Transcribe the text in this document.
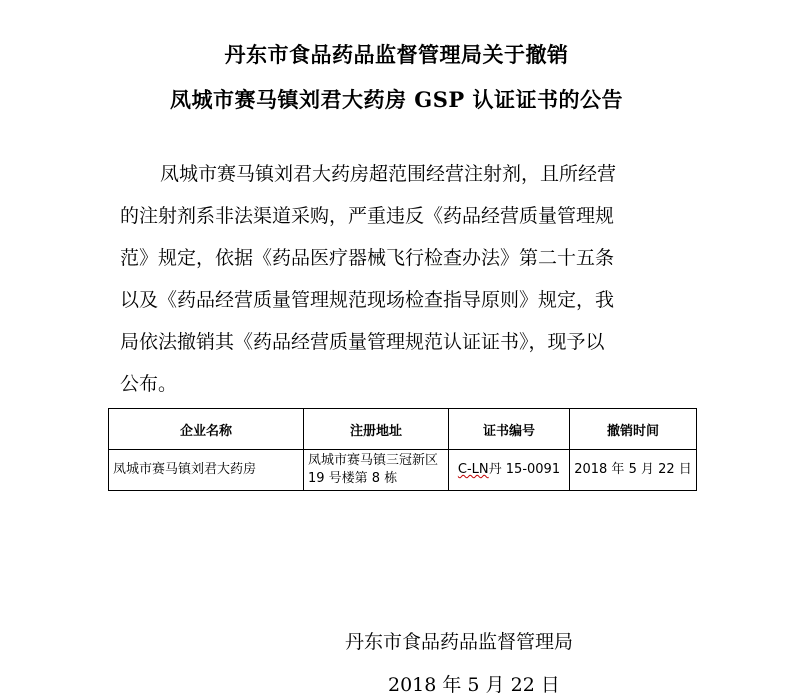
丹东市食品药品监督管理局关于撤销
凤城市赛马镇刘君大药房 GSP 认证证书的公告
凤城市赛马镇刘君大药房超范围经营注射剂，且所经营
的注射剂系非法渠道采购，严重违反《药品经营质量管理规
范》规定，依据《药品医疗器械飞行检查办法》第二十五条
以及《药品经营质量管理规范现场检查指导原则》规定，我
局依法撤销其《药品经营质量管理规范认证证书》，现予以
公布。
企业名称	注册地址	证书编号	撤销时间
凤城市赛马镇刘君大药房	凤城市赛马镇三冠新区 19 号楼第 8 栋	C-LN丹 15-0091	2018 年 5 月 22 日
丹东市食品药品监督管理局
2018 年 5 月 22 日
